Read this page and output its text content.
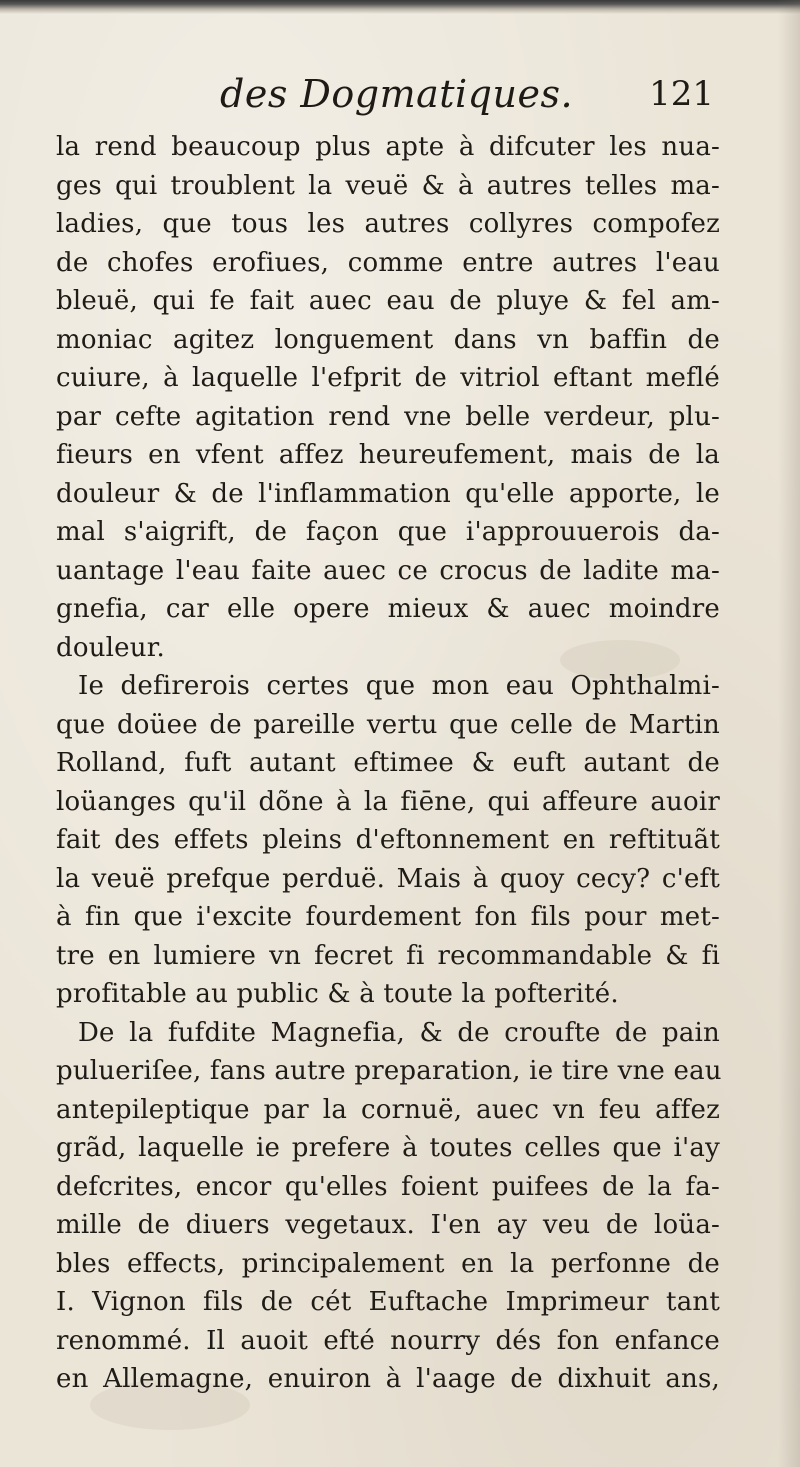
des Dogmatiques. 121
la rend beaucoup plus apte à difcuter les nua-
ges qui troublent la veuë & à autres telles ma-
ladies, que tous les autres collyres compofez
de chofes erofiues, comme entre autres l'eau
bleuë, qui fe fait auec eau de pluye & fel am-
moniac agitez longuement dans vn baffin de
cuiure, à laquelle l'efprit de vitriol eftant meflé
par cefte agitation rend vne belle verdeur, plu-
fieurs en vfent affez heureufement, mais de la
douleur & de l'inflammation qu'elle apporte, le
mal s'aigrift, de façon que i'approuuerois da-
uantage l'eau faite auec ce crocus de ladite ma-
gnefia, car elle opere mieux & auec moindre
douleur.
Ie defirerois certes que mon eau Ophthalmi-
que doüee de pareille vertu que celle de Martin
Rolland, fuft autant eftimee & euft autant de
loüanges qu'il dõne à la fiēne, qui affeure auoir
fait des effets pleins d'eftonnement en reftituãt
la veuë prefque perduë. Mais à quoy cecy? c'eft
à fin que i'excite fourdement fon fils pour met-
tre en lumiere vn fecret fi recommandable & fi
profitable au public & à toute la pofterité.
De la fufdite Magnefia, & de croufte de pain
pulueriſee, fans autre preparation, ie tire vne eau
antepileptique par la cornuë, auec vn feu affez
grãd, laquelle ie prefere à toutes celles que i'ay
defcrites, encor qu'elles foient puifees de la fa-
mille de diuers vegetaux. I'en ay veu de loüa-
bles effects, principalement en la perfonne de
I. Vignon fils de cét Euftache Imprimeur tant
renommé. Il auoit efté nourry dés fon enfance
en Allemagne, enuiron à l'aage de dixhuit ans,
